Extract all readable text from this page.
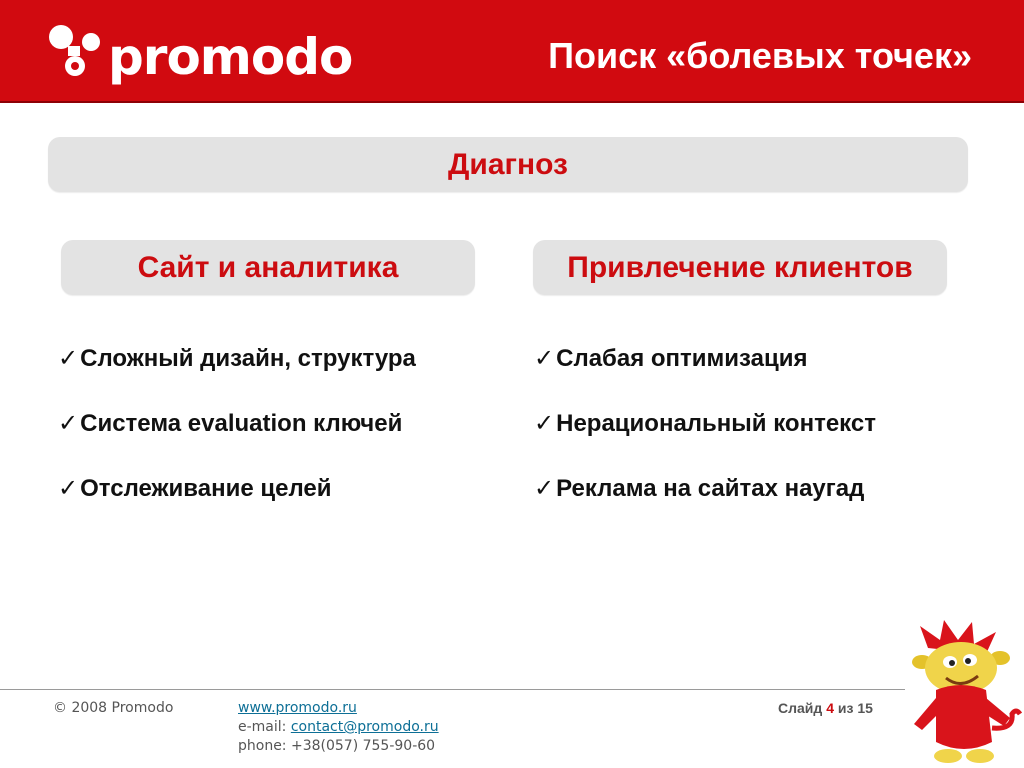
promodo	Поиск «болевых точек»
Диагноз
Сайт и аналитика	Привлечение клиентов
✓Сложный дизайн, структура
✓Система evaluation ключей
✓Отслеживание целей
✓Слабая оптимизация
✓Нерациональный контекст
✓Реклама на сайтах наугад
© 2008 Promodo	www.promodo.ru
e-mail: contact@promodo.ru
phone: +38(057) 755-90-60
Слайд 4 из 15
